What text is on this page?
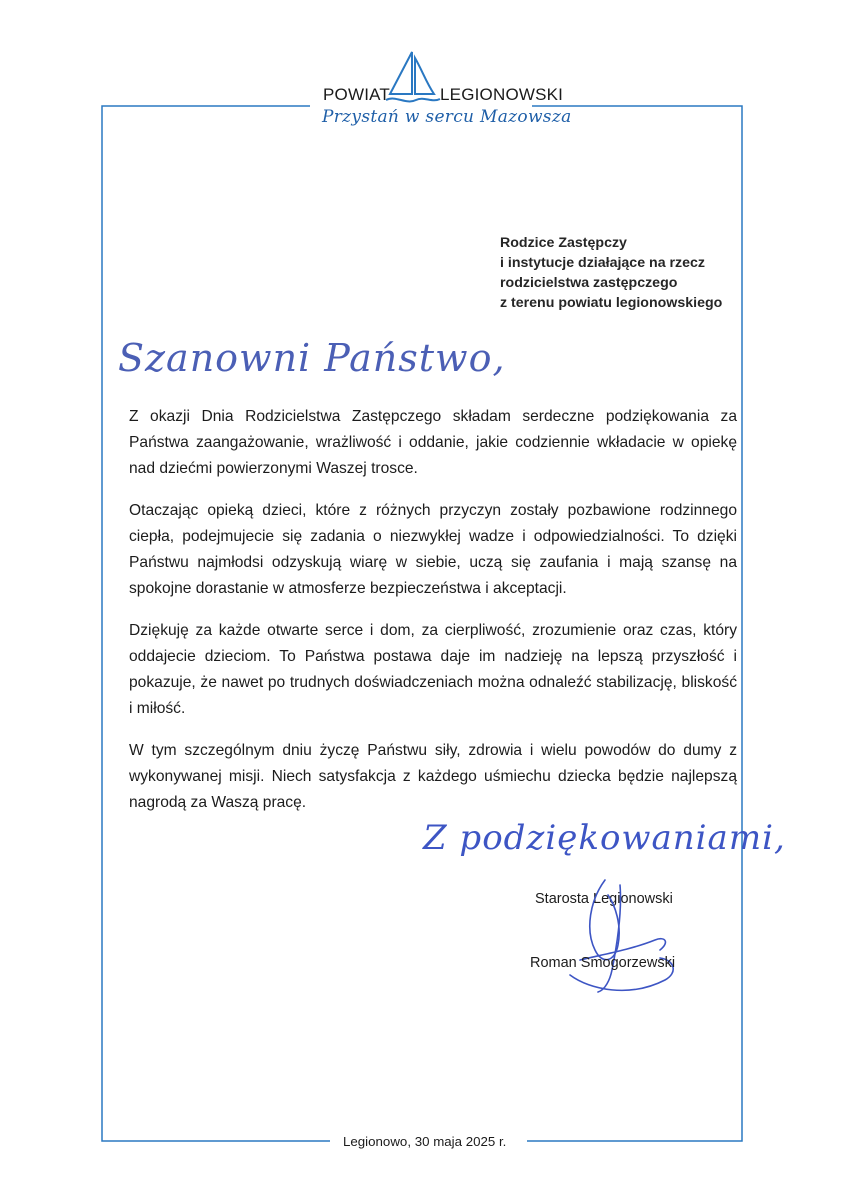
POWIAT	LEGIONOWSKI
Przystań w sercu Mazowsza
Rodzice Zastępczy
i instytucje działające na rzecz
rodzicielstwa zastępczego
z terenu powiatu legionowskiego
Szanowni Państwo,

Z okazji Dnia Rodzicielstwa Zastępczego składam serdeczne podziękowania za Państwa zaangażowanie, wrażliwość i oddanie, jakie codziennie wkładacie w opiekę nad dziećmi powierzonymi Waszej trosce.

Otaczając opieką dzieci, które z różnych przyczyn zostały pozbawione rodzinnego ciepła, podejmujecie się zadania o niezwykłej wadze i odpowiedzialności. To dzięki Państwu najmłodsi odzyskują wiarę w siebie, uczą się zaufania i mają szansę na spokojne dorastanie w atmosferze bezpieczeństwa i akceptacji.

Dziękuję za każde otwarte serce i dom, za cierpliwość, zrozumienie oraz czas, który oddajecie dzieciom. To Państwa postawa daje im nadzieję na lepszą przyszłość i pokazuje, że nawet po trudnych doświadczeniach można odnaleźć stabilizację, bliskość i miłość.

W tym szczególnym dniu życzę Państwu siły, zdrowia i wielu powodów do dumy z wykonywanej misji. Niech satysfakcja z każdego uśmiechu dziecka będzie najlepszą nagrodą za Waszą pracę.

Z podziękowaniami,
Starosta Legionowski
Roman Smogorzewski
Legionowo, 30 maja 2025 r.
